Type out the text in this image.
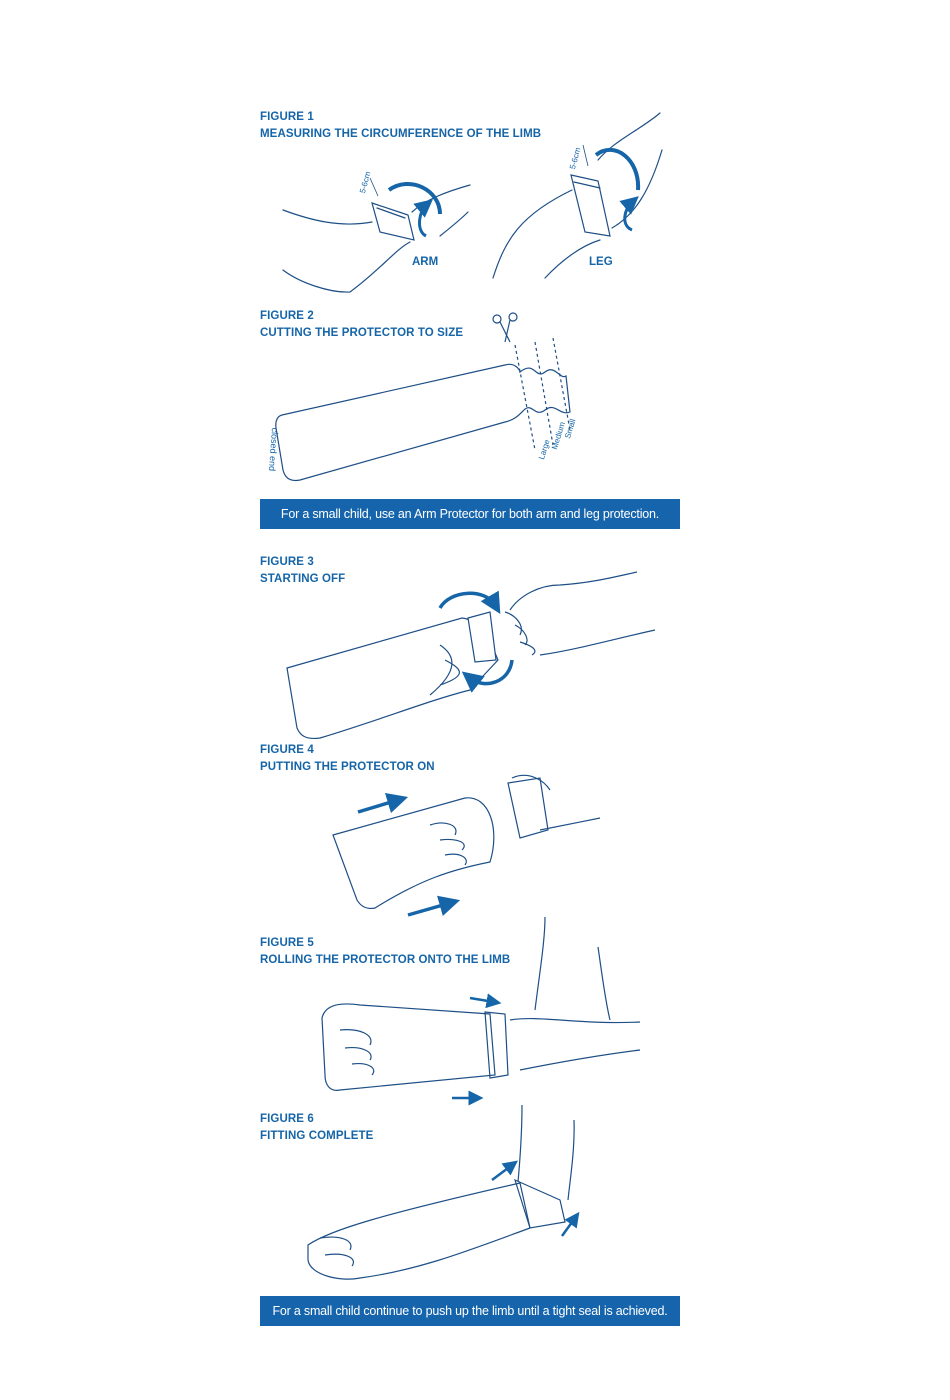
FIGURE 1
MEASURING THE CIRCUMFERENCE OF THE LIMB
FIGURE 2
CUTTING THE PROTECTOR TO SIZE
FIGURE 3
STARTING OFF
FIGURE 4
PUTTING THE PROTECTOR ON
FIGURE 5
ROLLING THE PROTECTOR ONTO THE LIMB
FIGURE 6
FITTING COMPLETE
For a small child, use an Arm Protector for both arm and leg protection.
For a small child continue to push up the limb until a tight seal is achieved.
ARM	LEG
5-6cm
5-6cm
closed end	Large
Medium
Small
